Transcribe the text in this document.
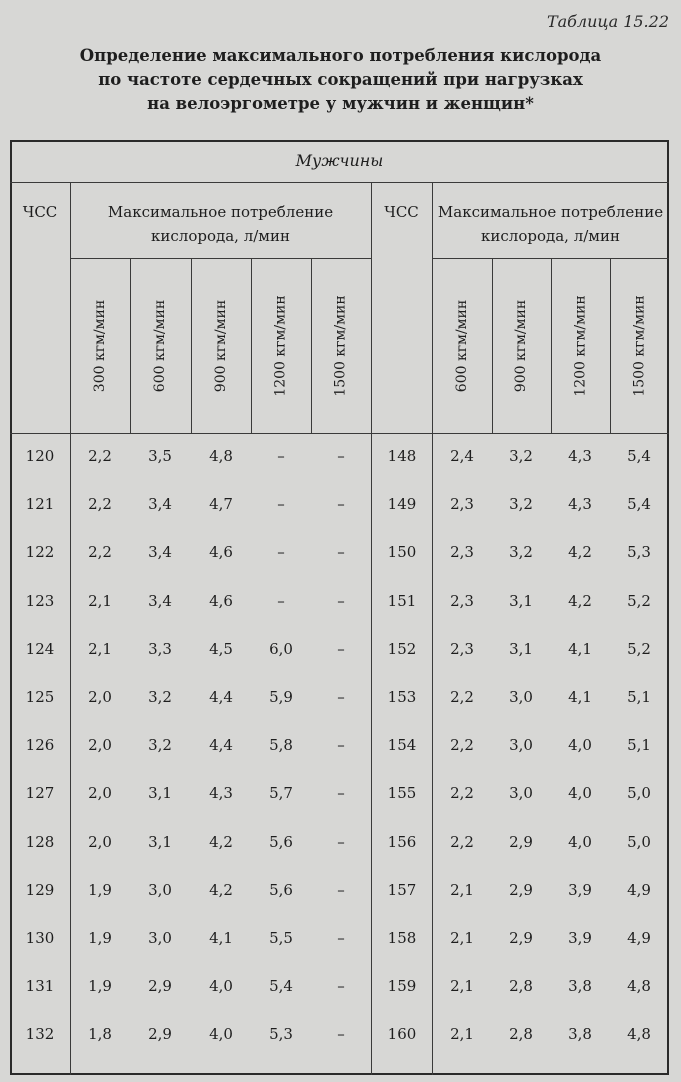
Таблица 15.22
Определение максимального потребления кислорода
по частоте сердечных сокращений при нагрузках
на велоэргометре у мужчин и женщин*
Мужчины
ЧСС	ЧСС
Максимальное потребление
кислорода, л/мин
Максимальное потребление
кислорода, л/мин
300 кгм/мин	600 кгм/мин	900 кгм/мин	1200 кгм/мин	1500 кгм/мин	600 кгм/мин	900 кгм/мин	1200 кгм/мин	1500 кгм/мин
120	2,2	3,5	4,8	–	–	148	2,4	3,2	4,3	5,4
121	2,2	3,4	4,7	–	–	149	2,3	3,2	4,3	5,4
122	2,2	3,4	4,6	–	–	150	2,3	3,2	4,2	5,3
123	2,1	3,4	4,6	–	–	151	2,3	3,1	4,2	5,2
124	2,1	3,3	4,5	6,0	–	152	2,3	3,1	4,1	5,2
125	2,0	3,2	4,4	5,9	–	153	2,2	3,0	4,1	5,1
126	2,0	3,2	4,4	5,8	–	154	2,2	3,0	4,0	5,1
127	2,0	3,1	4,3	5,7	–	155	2,2	3,0	4,0	5,0
128	2,0	3,1	4,2	5,6	–	156	2,2	2,9	4,0	5,0
129	1,9	3,0	4,2	5,6	–	157	2,1	2,9	3,9	4,9
130	1,9	3,0	4,1	5,5	–	158	2,1	2,9	3,9	4,9
131	1,9	2,9	4,0	5,4	–	159	2,1	2,8	3,8	4,8
132	1,8	2,9	4,0	5,3	–	160	2,1	2,8	3,8	4,8
